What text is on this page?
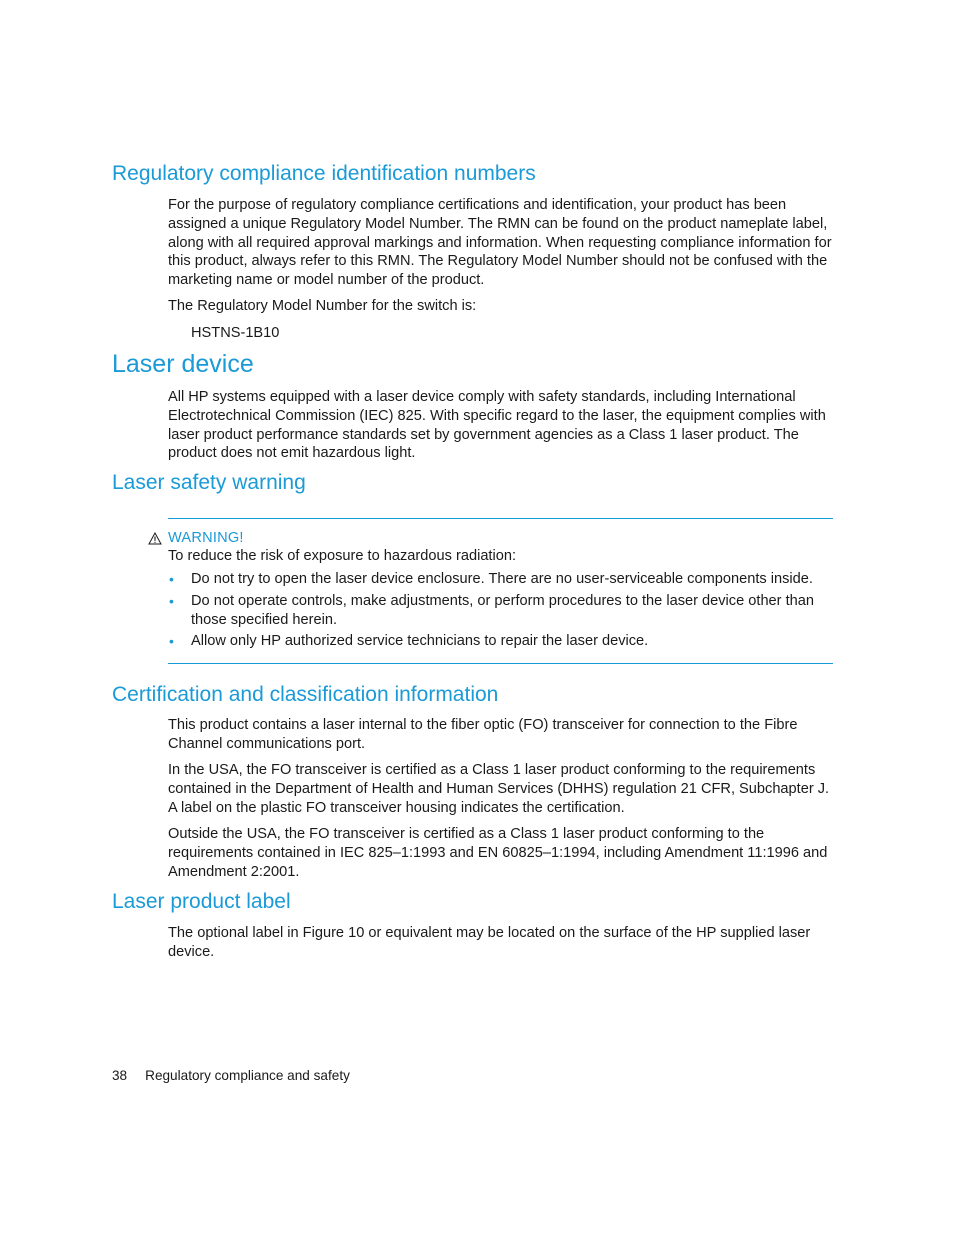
Regulatory compliance identification numbers

For the purpose of regulatory compliance certifications and identification, your product has been assigned a unique Regulatory Model Number. The RMN can be found on the product nameplate label, along with all required approval markings and information. When requesting compliance information for this product, always refer to this RMN. The Regulatory Model Number should not be confused with the marketing name or model number of the product.

The Regulatory Model Number for the switch is:

HSTNS-1B10

Laser device

All HP systems equipped with a laser device comply with safety standards, including International Electrotechnical Commission (IEC) 825. With specific regard to the laser, the equipment complies with laser product performance standards set by government agencies as a Class 1 laser product. The product does not emit hazardous light.

Laser safety warning
WARNING!

To reduce the risk of exposure to hazardous radiation:

• Do not try to open the laser device enclosure. There are no user-serviceable components inside.
• Do not operate controls, make adjustments, or perform procedures to the laser device other than those specified herein.
• Allow only HP authorized service technicians to repair the laser device.
Certification and classification information

This product contains a laser internal to the fiber optic (FO) transceiver for connection to the Fibre Channel communications port.

In the USA, the FO transceiver is certified as a Class 1 laser product conforming to the requirements contained in the Department of Health and Human Services (DHHS) regulation 21 CFR, Subchapter J. A label on the plastic FO transceiver housing indicates the certification.

Outside the USA, the FO transceiver is certified as a Class 1 laser product conforming to the requirements contained in IEC 825–1:1993 and EN 60825–1:1994, including Amendment 11:1996 and Amendment 2:2001.

Laser product label

The optional label in Figure 10 or equivalent may be located on the surface of the HP supplied laser device.

38 Regulatory compliance and safety
